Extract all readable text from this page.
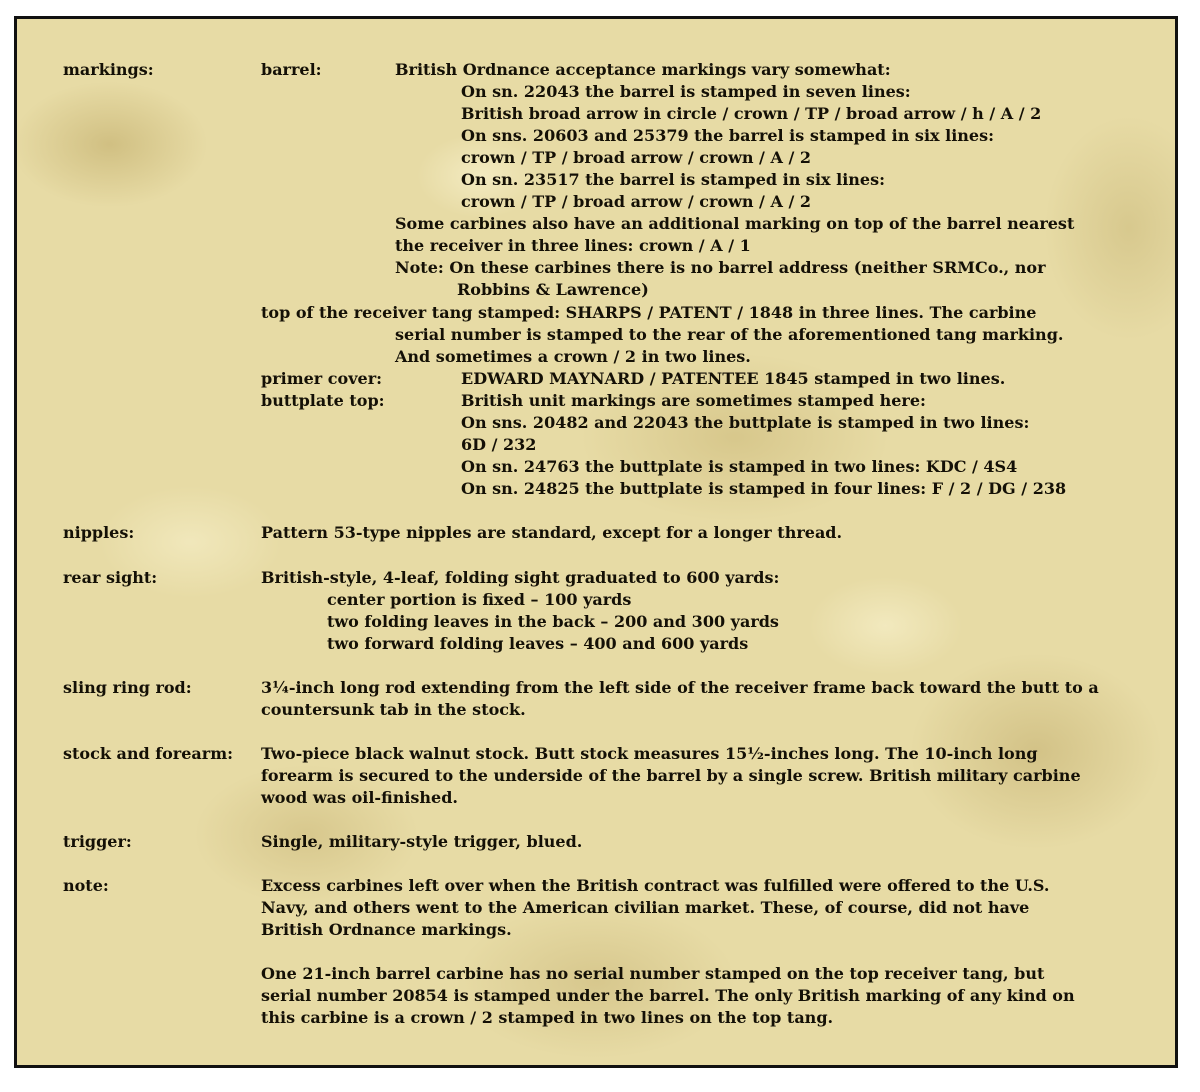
markings:	barrel:	British Ordnance acceptance markings vary somewhat:
On sn. 22043 the barrel is stamped in seven lines:
British broad arrow in circle / crown / TP / broad arrow / h / A / 2
On sns. 20603 and 25379 the barrel is stamped in six lines:
crown / TP / broad arrow / crown / A / 2
On sn. 23517 the barrel is stamped in six lines:
crown / TP / broad arrow / crown / A / 2
Some carbines also have an additional marking on top of the barrel nearest
the receiver in three lines: crown / A / 1
Note: On these carbines there is no barrel address (neither SRMCo., nor
Robbins & Lawrence)
top of the receiver tang stamped: SHARPS / PATENT / 1848 in three lines. The carbine
serial number is stamped to the rear of the aforementioned tang marking.
And sometimes a crown / 2 in two lines.
primer cover:	EDWARD MAYNARD / PATENTEE 1845 stamped in two lines.
buttplate top:	British unit markings are sometimes stamped here:
On sns. 20482 and 22043 the buttplate is stamped in two lines:
6D / 232
On sn. 24763 the buttplate is stamped in two lines: KDC / 4S4
On sn. 24825 the buttplate is stamped in four lines: F / 2 / DG / 238
nipples:	Pattern 53-type nipples are standard, except for a longer thread.
rear sight:	British-style, 4-leaf, folding sight graduated to 600 yards:
center portion is fixed – 100 yards
two folding leaves in the back – 200 and 300 yards
two forward folding leaves – 400 and 600 yards
sling ring rod:	3¼-inch long rod extending from the left side of the receiver frame back toward the butt to a
countersunk tab in the stock.
stock and forearm: Two-piece black walnut stock. Butt stock measures 15½-inches long. The 10-inch long
forearm is secured to the underside of the barrel by a single screw. British military carbine
wood was oil-finished.
trigger:	Single, military-style trigger, blued.
note:	Excess carbines left over when the British contract was fulfilled were offered to the U.S.
Navy, and others went to the American civilian market. These, of course, did not have
British Ordnance markings.
One 21-inch barrel carbine has no serial number stamped on the top receiver tang, but
serial number 20854 is stamped under the barrel. The only British marking of any kind on
this carbine is a crown / 2 stamped in two lines on the top tang.
